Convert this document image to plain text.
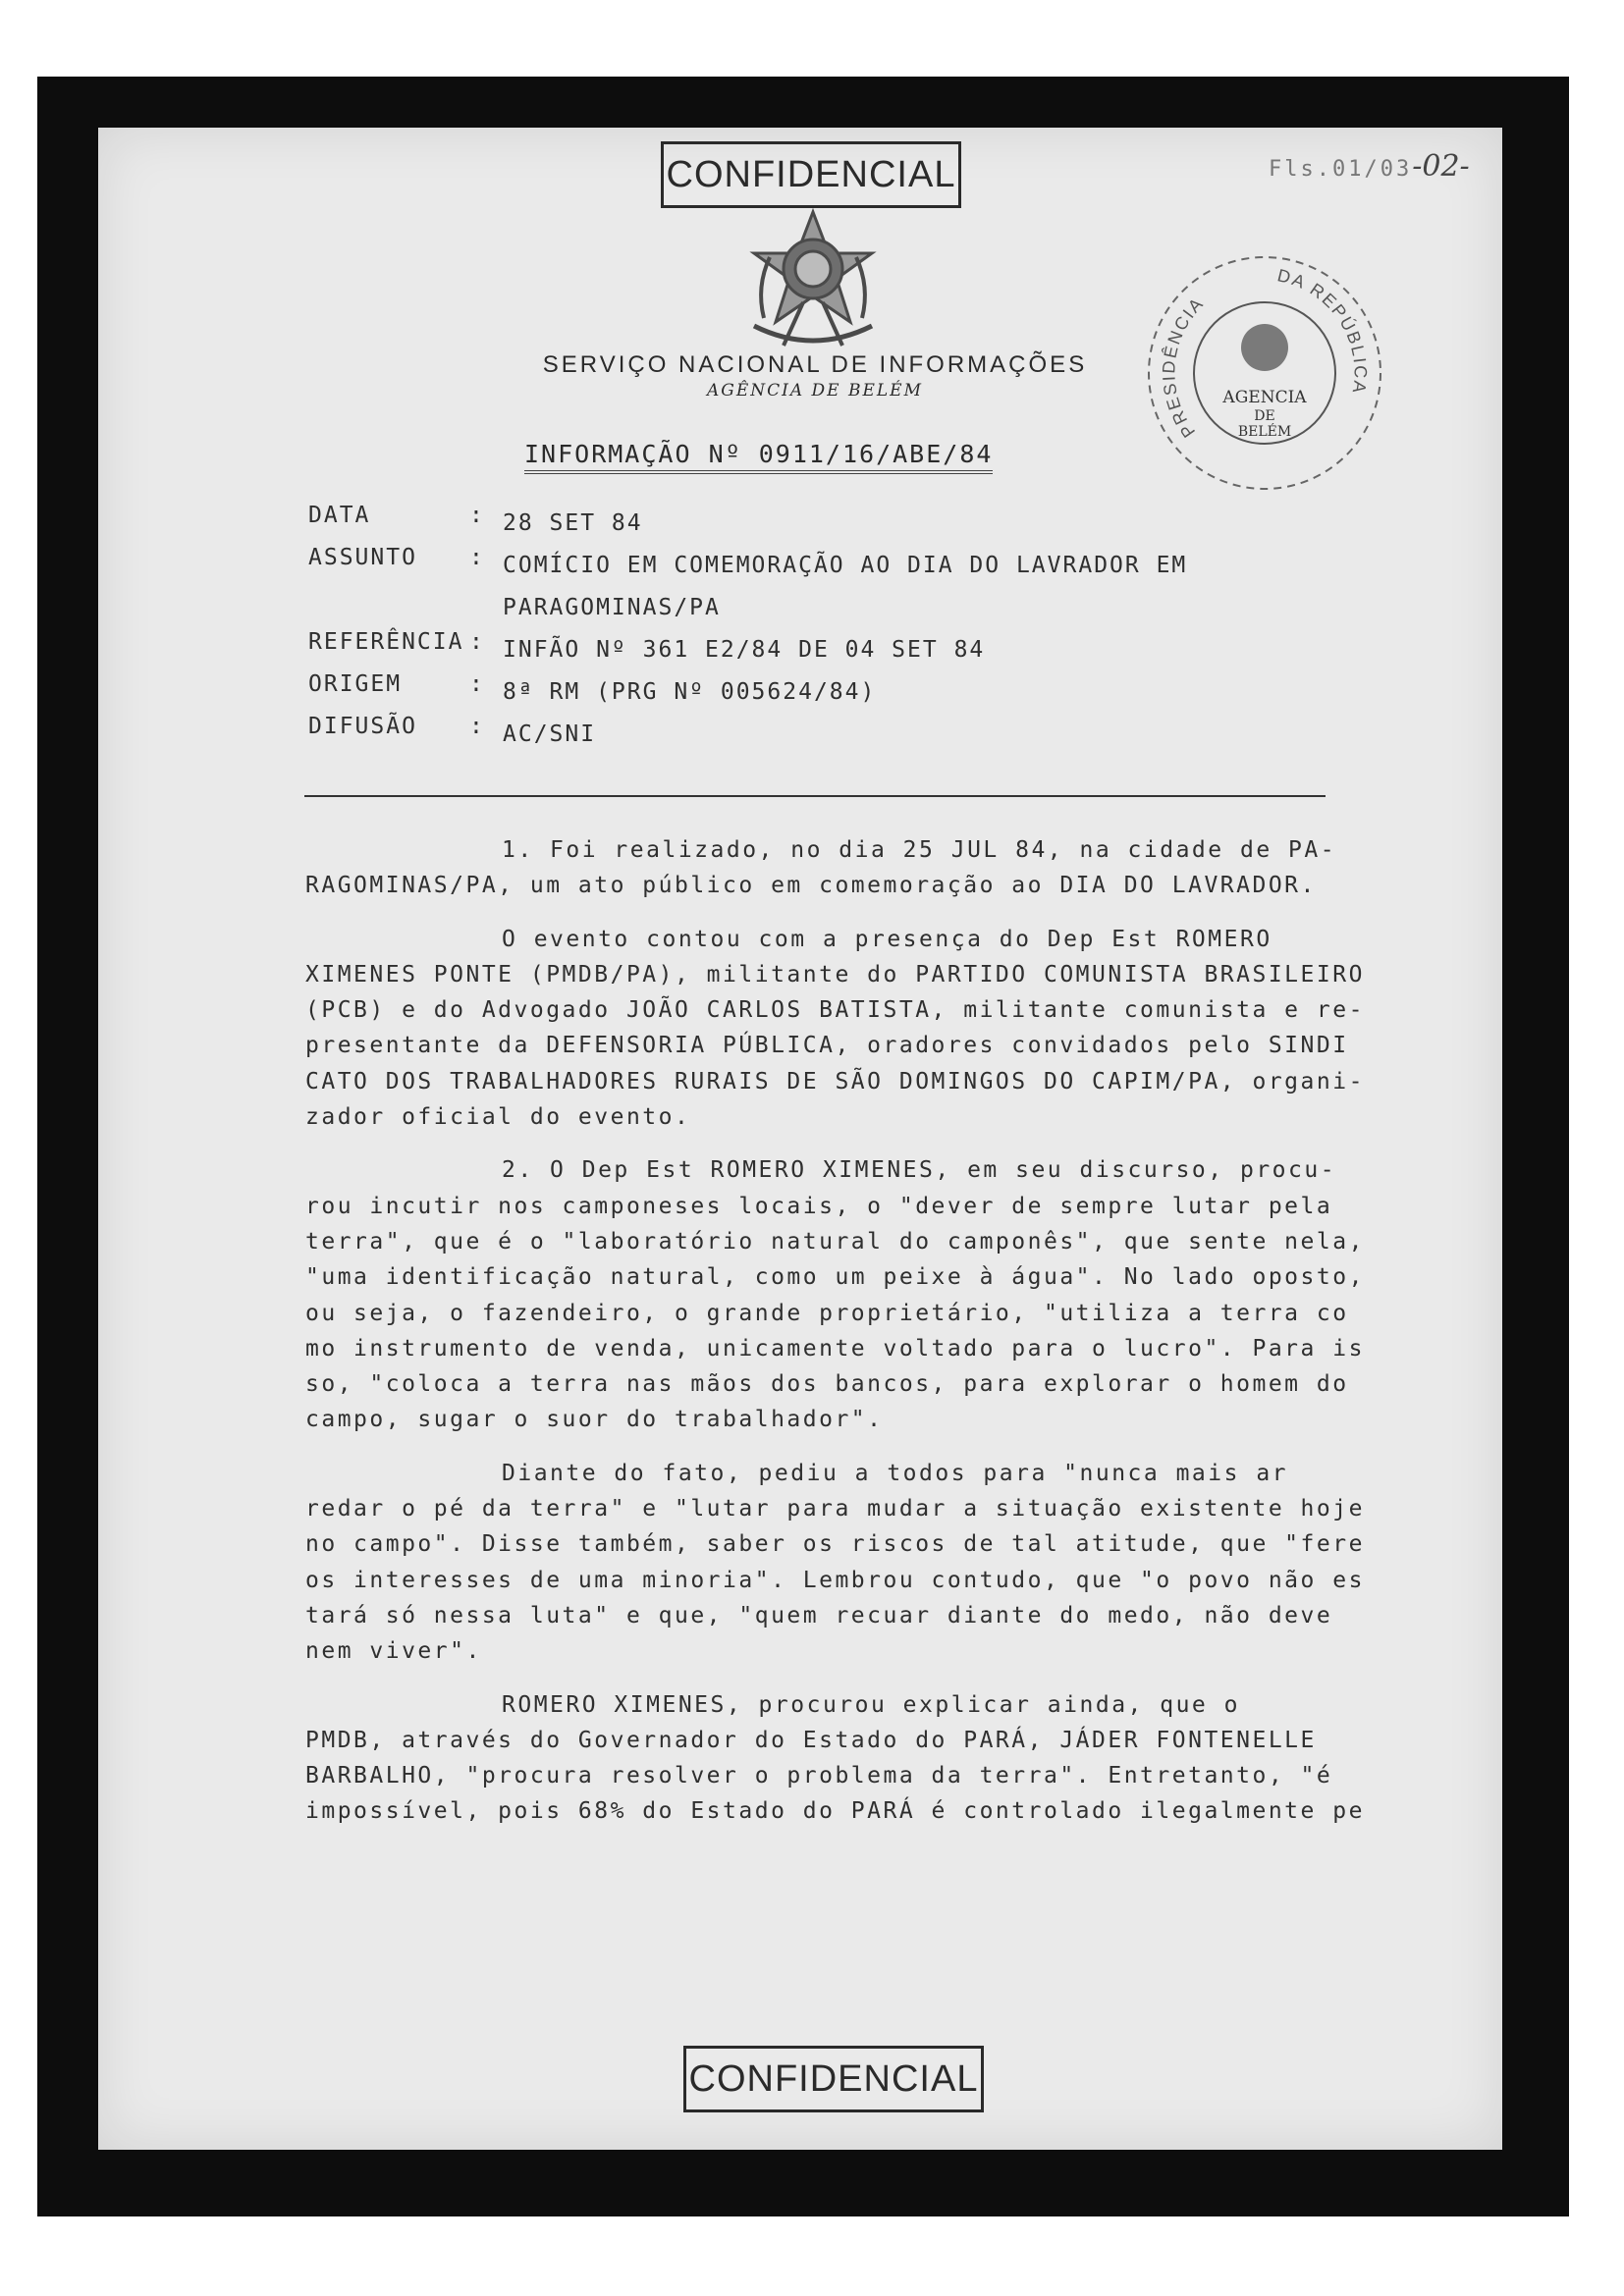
CONFIDENCIAL	Fls.01/03-02-
SERVIÇO NACIONAL DE INFORMAÇÕES
AGÊNCIA DE BELÉM
INFORMAÇÃO Nº 0911/16/ABE/84
PRESIDÊNCIA
DA REPÚBLICA
AGENCIA
DE
BELÉM
DATA	: 28 SET 84
ASSUNTO : COMÍCIO EM COMEMORAÇÃO AO DIA DO LAVRADOR EM PARAGOMINAS/PA
REFERÊNCIA : INFÃO Nº 361 E2/84 DE 04 SET 84
ORIGEM	: 8ª RM (PRG Nº 005624/84)
DIFUSÃO : AC/SNI
1. Foi realizado, no dia 25 JUL 84, na cidade de PA-
RAGOMINAS/PA, um ato público em comemoração ao DIA DO LAVRADOR.
O evento contou com a presença do Dep Est ROMERO
XIMENES PONTE (PMDB/PA), militante do PARTIDO COMUNISTA BRASILEIRO
(PCB) e do Advogado JOÃO CARLOS BATISTA, militante comunista e re-
presentante da DEFENSORIA PÚBLICA, oradores convidados pelo SINDI
CATO DOS TRABALHADORES RURAIS DE SÃO DOMINGOS DO CAPIM/PA, organi-
zador oficial do evento.
2. O Dep Est ROMERO XIMENES, em seu discurso, procu-
rou incutir nos camponeses locais, o "dever de sempre lutar pela
terra", que é o "laboratório natural do camponês", que sente nela,
"uma identificação natural, como um peixe à água". No lado oposto,
ou seja, o fazendeiro, o grande proprietário, "utiliza a terra co
mo instrumento de venda, unicamente voltado para o lucro". Para is
so, "coloca a terra nas mãos dos bancos, para explorar o homem do
campo, sugar o suor do trabalhador".
Diante do fato, pediu a todos para "nunca mais ar
redar o pé da terra" e "lutar para mudar a situação existente hoje
no campo". Disse também, saber os riscos de tal atitude, que "fere
os interesses de uma minoria". Lembrou contudo, que "o povo não es
tará só nessa luta" e que, "quem recuar diante do medo, não deve
nem viver".
ROMERO XIMENES, procurou explicar ainda, que o
PMDB, através do Governador do Estado do PARÁ, JÁDER FONTENELLE
BARBALHO, "procura resolver o problema da terra". Entretanto, "é
impossível, pois 68% do Estado do PARÁ é controlado ilegalmente pe
CONFIDENCIAL
